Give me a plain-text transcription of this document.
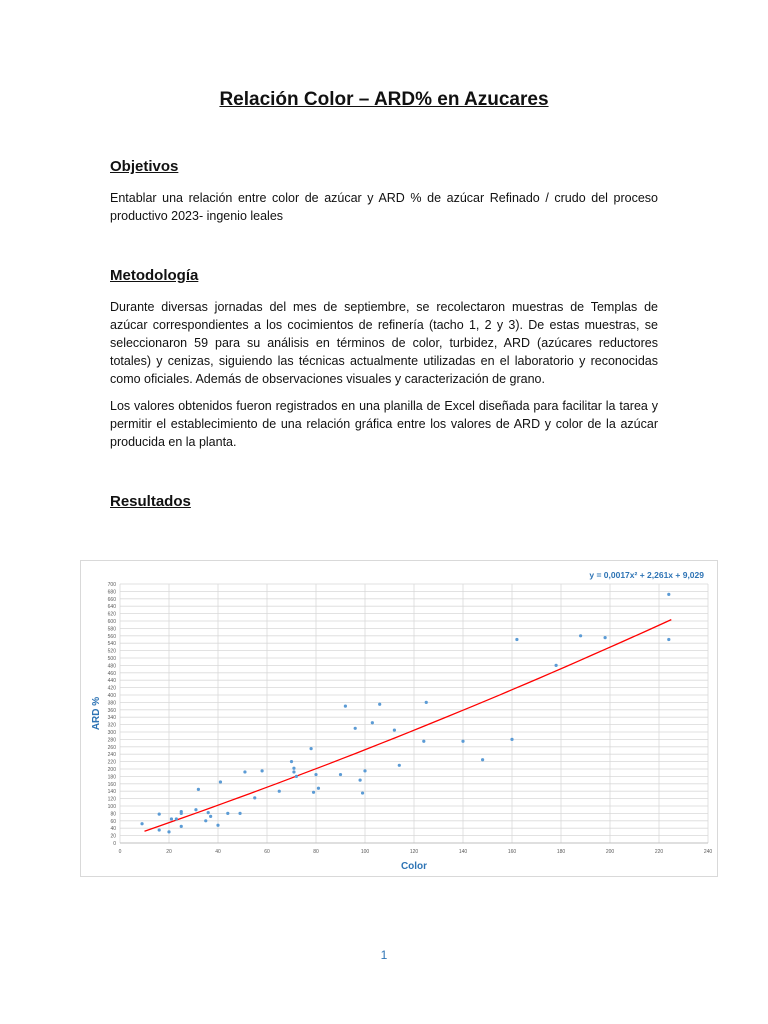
Relación Color – ARD% en Azucares
Objetivos

Entablar una relación entre color de azúcar y ARD % de azúcar Refinado / crudo del proceso productivo 2023- ingenio leales

Metodología

Durante diversas jornadas del mes de septiembre, se recolectaron muestras de Templas de azúcar correspondientes a los cocimientos de refinería (tacho 1, 2 y 3). De estas muestras, se seleccionaron 59 para su análisis en términos de color, turbidez, ARD (azúcares reductores totales) y cenizas, siguiendo las técnicas actualmente utilizadas en el laboratorio y reconocidas como oficiales. Además de observaciones visuales y caracterización de grano.

Los valores obtenidos fueron registrados en una planilla de Excel diseñada para facilitar la tarea y permitir el establecimiento de una relación gráfica entre los valores de ARD y color de la azúcar producida en la planta.

Resultados
0
20
40
60
80
100
120
140
160
180
200
220
240
260
280
300
320
340
360
380
400
420
440
460
480
500
520
540
560
580
600
620
640
660
680
700
0	20	40	60	80	100	120	140	160	180	200	220	240
y = 0,0017x² + 2,261x + 9,029
Color
ARD %
1
